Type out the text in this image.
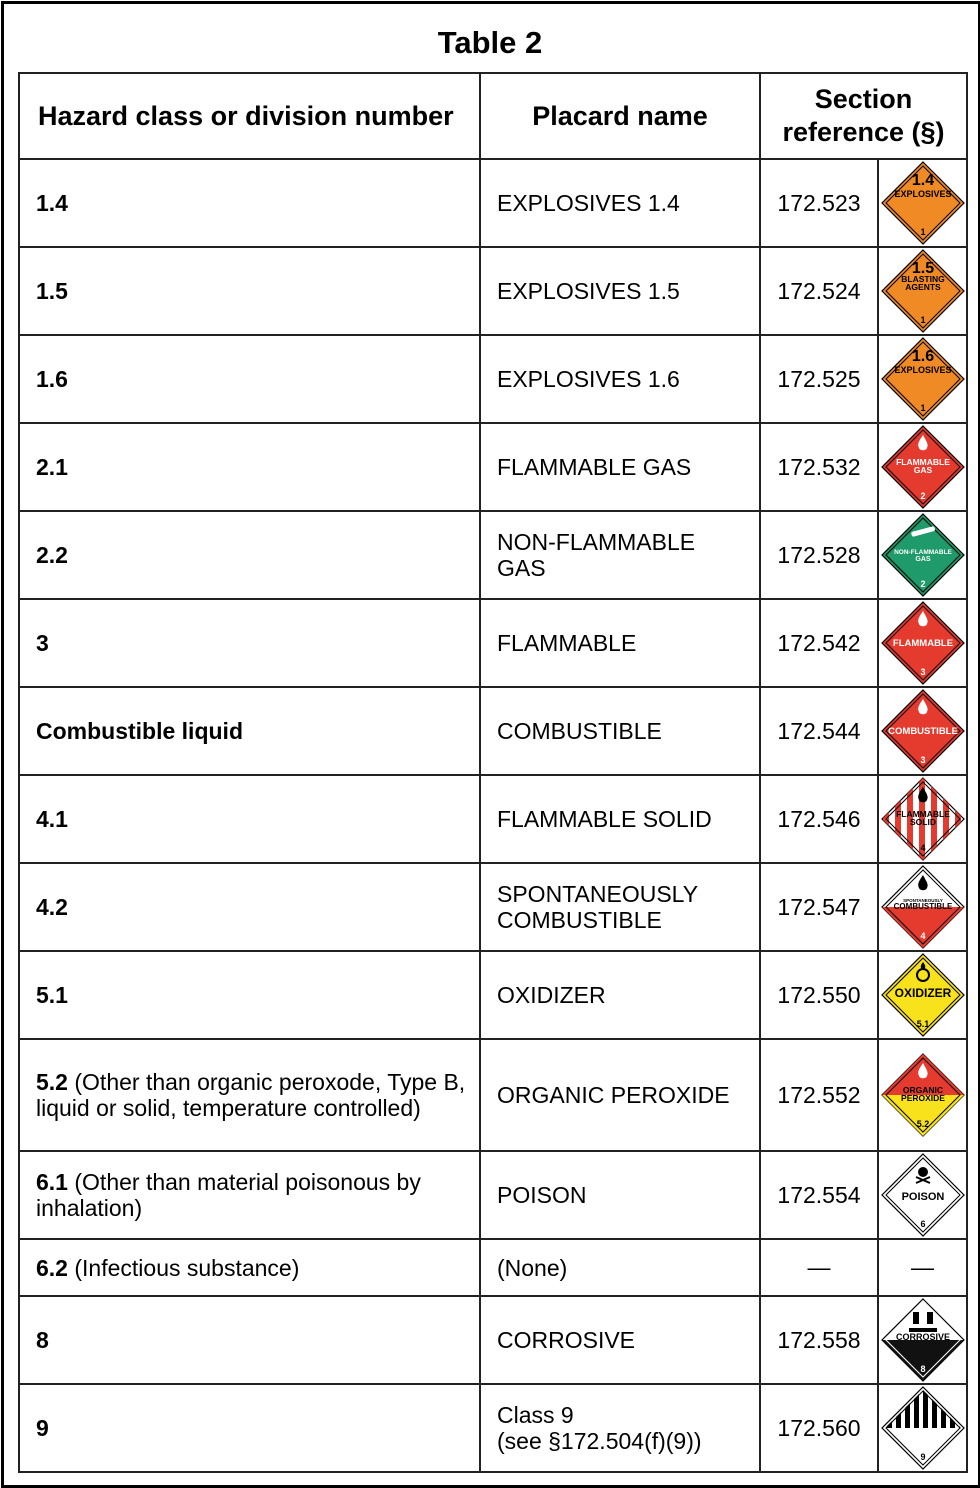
Table 2
Hazard class or division number	Placard name	Section
reference (§)	
1.4	EXPLOSIVES 1.4	172.523	1.4
EXPLOSIVES
1

1.5	EXPLOSIVES 1.5	172.524	1.5
BLASTING
AGENTS
1

1.6	EXPLOSIVES 1.6	172.525	1.6
EXPLOSIVES
1

2.1	FLAMMABLE GAS	172.532	FLAMMABLE
GAS
2

2.2	NON-FLAMMABLE
GAS	172.528	NON-FLAMMABLE
GAS
2

3	FLAMMABLE	172.542	FLAMMABLE
3

Combustible liquid	COMBUSTIBLE	172.544	COMBUSTIBLE
3

4.1	FLAMMABLE SOLID	172.546	FLAMMABLE
SOLID
4

4.2	SPONTANEOUSLY
COMBUSTIBLE	172.547	SPONTANEOUSLY
COMBUSTIBLE
4

5.1	OXIDIZER	172.550	OXIDIZER
5.1

5.2 (Other than organic peroxode, Type B,
liquid or solid, temperature controlled)	ORGANIC PEROXIDE	172.552	ORGANIC
PEROXIDE
5.2

6.1 (Other than material poisonous by
inhalation)	POISON	172.554	POISON
6

6.2 (Infectious substance)	(None)	—	—
8	CORROSIVE	172.558	CORROSIVE
8

9	Class 9
(see §172.504(f)(9))	172.560	9
